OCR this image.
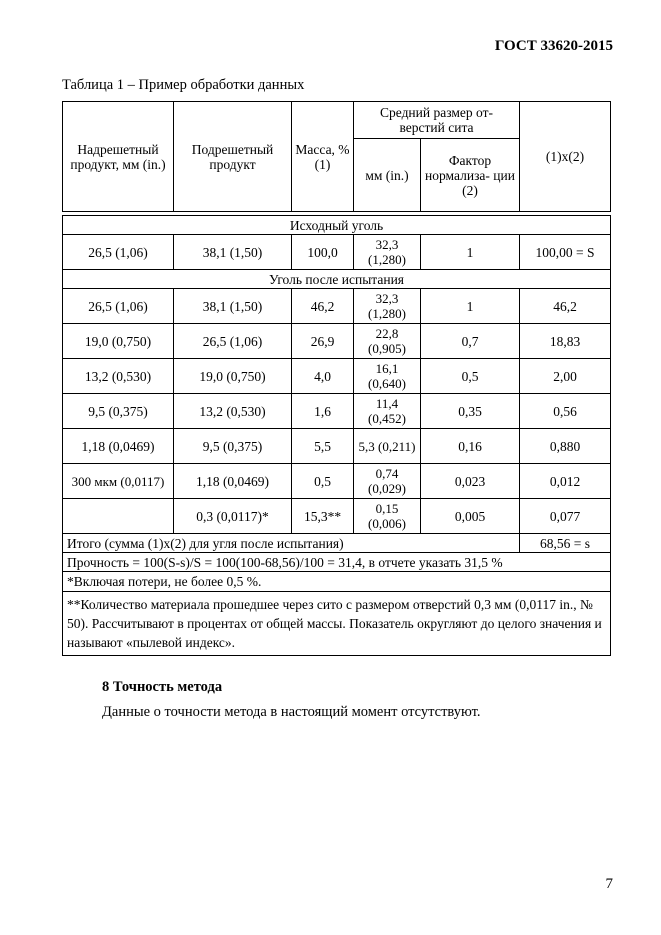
ГОСТ 33620-2015
Таблица 1 – Пример обработки данных
Надрешетный продукт, мм (in.)	Подрешетный продукт	Масса, % (1)	Средний размер от- верстий сита		(1)x(2)
			мм (in.)	Фактор нормализа- ции (2)	

Исходный уголь					
26,5 (1,06)	38,1 (1,50)	100,0	32,3 (1,280)	1	100,00 = S
Уголь после испытания					
26,5 (1,06)	38,1 (1,50)	46,2	32,3 (1,280)	1	46,2
19,0 (0,750)	26,5 (1,06)	26,9	22,8 (0,905)	0,7	18,83
13,2 (0,530)	19,0 (0,750)	4,0	16,1 (0,640)	0,5	2,00
9,5 (0,375)	13,2 (0,530)	1,6	11,4 (0,452)	0,35	0,56
1,18 (0,0469)	9,5 (0,375)	5,5	5,3 (0,211)	0,16	0,880
300 мкм (0,0117)	1,18 (0,0469)	0,5	0,74 (0,029)	0,023	0,012
	0,3 (0,0117)*	15,3**	0,15 (0,006)	0,005	0,077
Итого (сумма (1)x(2) для угля после испытания)					68,56 = s
Прочность = 100(S-s)/S = 100(100-68,56)/100 = 31,4, в отчете указать 31,5 %					
*Включая потери, не более 0,5 %.					
**Количество материала прошедшее через сито с размером отверстий 0,3 мм (0,0117 in., № 50). Рассчитывают в процентах от общей массы. Показатель округляют до целого значения и называют «пылевой индекс».					
8 Точность метода
Данные о точности метода в настоящий момент отсутствуют.
7
